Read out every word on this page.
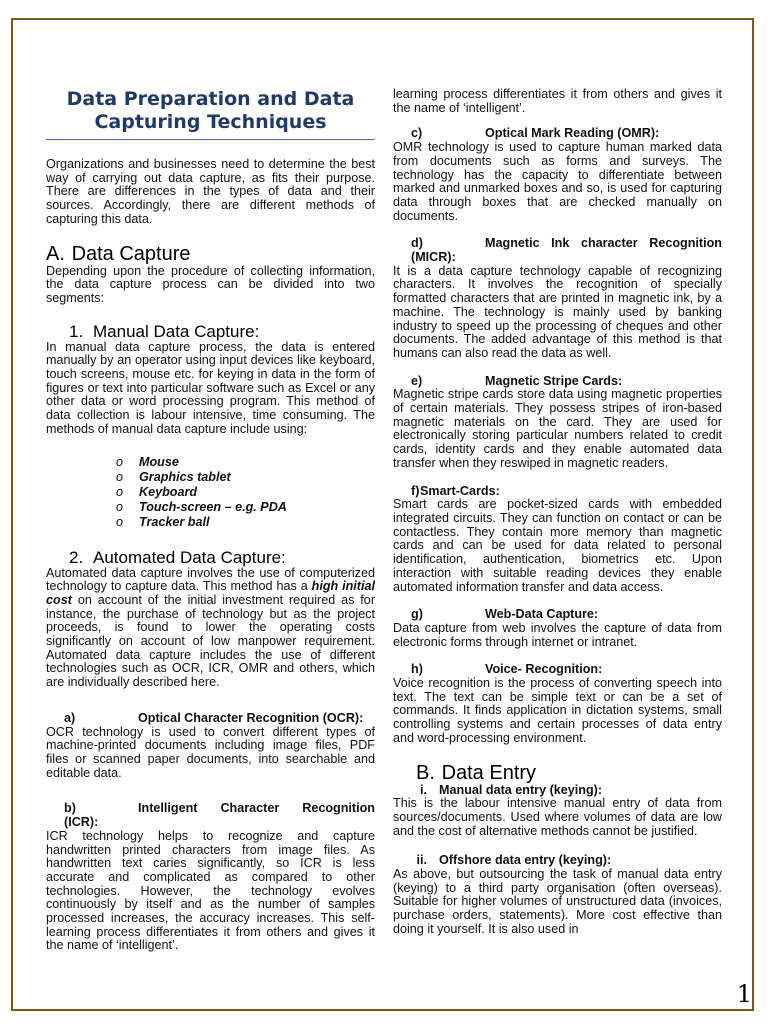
Data Preparation and Data Capturing Techniques

Organizations and businesses need to determine the best way of carrying out data capture, as fits their purpose. There are differences in the types of data and their sources. Accordingly, there are different methods of capturing this data.

A. Data Capture

Depending upon the procedure of collecting information, the data capture process can be divided into two segments:

1. Manual Data Capture:

In manual data capture process, the data is entered manually by an operator using input devices like keyboard, touch screens, mouse etc. for keying in data in the form of figures or text into particular software such as Excel or any other data or word processing program. This method of data collection is labour intensive, time consuming. The methods of manual data capture include using:

o	Mouse
o	Graphics tablet
o	Keyboard
o	Touch-screen – e.g. PDA
o	Tracker ball
2. Automated Data Capture:

Automated data capture involves the use of computerized technology to capture data. This method has a high initial cost on account of the initial investment required as for instance, the purchase of technology but as the project proceeds, is found to lower the operating costs significantly on account of low manpower requirement. Automated data capture includes the use of different technologies such as OCR, ICR, OMR and others, which are individually described here.

a)	Optical Character Recognition (OCR):

OCR technology is used to convert different types of machine-printed documents including image files, PDF files or scanned paper documents, into searchable and editable data.

b)	Intelligent Character Recognition
(ICR):

ICR technology helps to recognize and capture handwritten printed characters from image files. As handwritten text caries significantly, so ICR is less accurate and complicated as compared to other technologies. However, the technology evolves continuously by itself and as the number of samples processed increases, the accuracy increases. This self-learning process differentiates it from others and gives it the name of ‘intelligent’.

learning process differentiates it from others and gives it the name of ‘intelligent’.

c)	Optical Mark Reading (OMR):

OMR technology is used to capture human marked data from documents such as forms and surveys. The technology has the capacity to differentiate between marked and unmarked boxes and so, is used for capturing data through boxes that are checked manually on documents.

d)	Magnetic Ink character Recognition
(MICR):

It is a data capture technology capable of recognizing characters. It involves the recognition of specially formatted characters that are printed in magnetic ink, by a machine. The technology is mainly used by banking industry to speed up the processing of cheques and other documents. The added advantage of this method is that humans can also read the data as well.

e)	Magnetic Stripe Cards:

Magnetic stripe cards store data using magnetic properties of certain materials. They possess stripes of iron-based magnetic materials on the card. They are used for electronically storing particular numbers related to credit cards, identity cards and they enable automated data transfer when they reswiped in magnetic readers.

f) Smart-Cards:

Smart cards are pocket-sized cards with embedded integrated circuits. They can function on contact or can be contactless. They contain more memory than magnetic cards and can be used for data related to personal identification, authentication, biometrics etc. Upon interaction with suitable reading devices they enable automated information transfer and data access.

g)	Web-Data Capture:

Data capture from web involves the capture of data from electronic forms through internet or intranet.

h)	Voice- Recognition:

Voice recognition is the process of converting speech into text. The text can be simple text or can be a set of commands. It finds application in dictation systems, small controlling systems and certain processes of data entry and word-processing environment.

B. Data Entry
i. Manual data entry (keying):

This is the labour intensive manual entry of data from sources/documents. Used where volumes of data are low and the cost of alternative methods cannot be justified.

ii. Offshore data entry (keying):

As above, but outsourcing the task of manual data entry (keying) to a third party organisation (often overseas). Suitable for higher volumes of unstructured data (invoices, purchase orders, statements). More cost effective than doing it yourself. It is also used in

1
